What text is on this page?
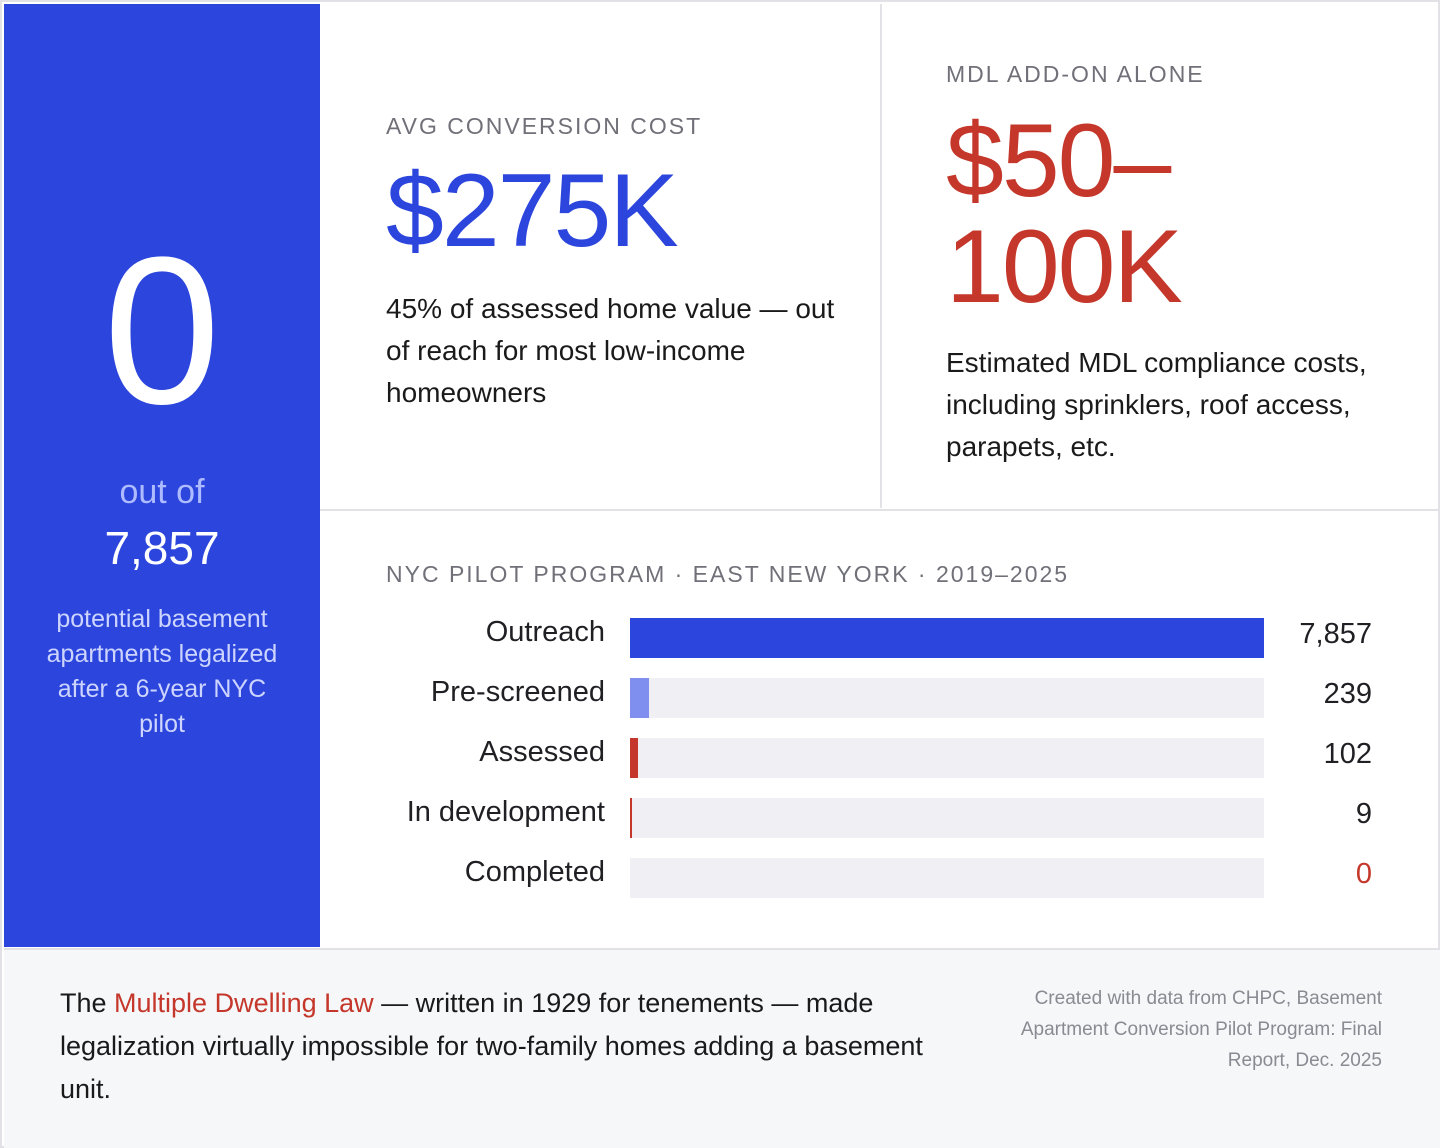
0
out of
7,857
potential basement apartments legalized after a 6-year NYC pilot
AVG CONVERSION COST
$275K
45% of assessed home value — out of reach for most low-income homeowners
MDL ADD-ON ALONE
$50–
100K
Estimated MDL compliance costs, including sprinklers, roof access, parapets, etc.
NYC PILOT PROGRAM · EAST NEW YORK · 2019–2025
Outreach	7,857
Pre-screened	239
Assessed	102
In development	9
Completed	0
The Multiple Dwelling Law — written in 1929 for tenements — made legalization virtually impossible for two-family homes adding a basement unit.
Created with data from CHPC, Basement Apartment Conversion Pilot Program: Final Report, Dec. 2025
